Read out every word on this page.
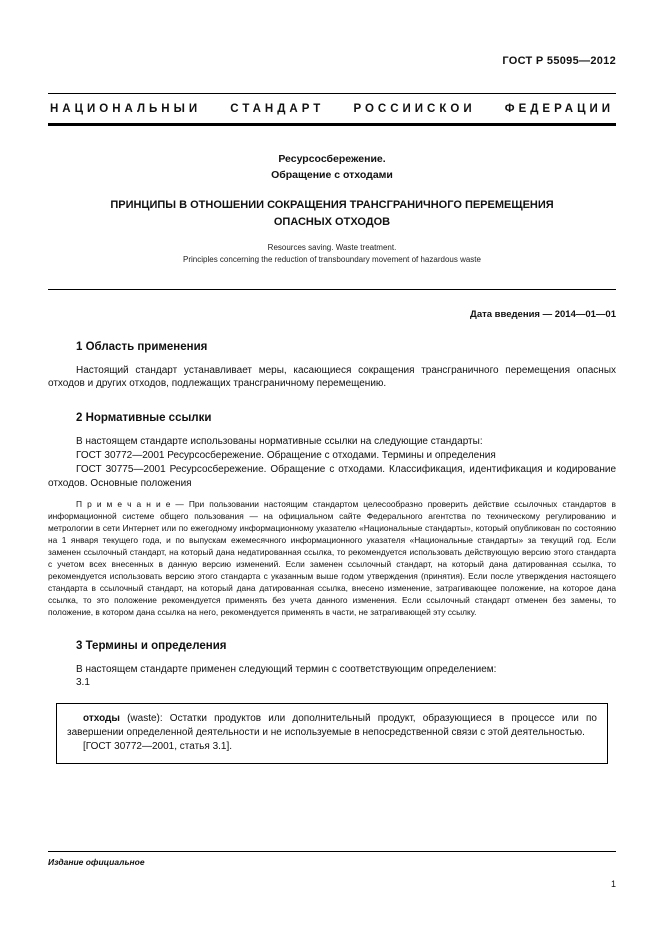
ГОСТ Р 55095—2012
НАЦИОНАЛЬНЫЙ СТАНДАРТ РОССИЙСКОЙ ФЕДЕРАЦИИ
Ресурсосбережение.
Обращение с отходами
ПРИНЦИПЫ В ОТНОШЕНИИ СОКРАЩЕНИЯ ТРАНСГРАНИЧНОГО ПЕРЕМЕЩЕНИЯ
ОПАСНЫХ ОТХОДОВ
Resources saving. Waste treatment.
Principles concerning the reduction of transboundary movement of hazardous waste
Дата введения — 2014—01—01
1 Область применения

Настоящий стандарт устанавливает меры, касающиеся сокращения трансграничного перемещения опасных отходов и других отходов, подлежащих трансграничному перемещению.

2 Нормативные ссылки

В настоящем стандарте использованы нормативные ссылки на следующие стандарты:

ГОСТ 30772—2001 Ресурсосбережение. Обращение с отходами. Термины и определения

ГОСТ 30775—2001 Ресурсосбережение. Обращение с отходами. Классификация, идентификация и кодирование отходов. Основные положения

П р и м е ч а н и е — При пользовании настоящим стандартом целесообразно проверить действие ссылочных стандартов в информационной системе общего пользования — на официальном сайте Федерального агентства по техническому регулированию и метрологии в сети Интернет или по ежегодному информационному указателю «Национальные стандарты», который опубликован по состоянию на 1 января текущего года, и по выпускам ежемесячного информационного указателя «Национальные стандарты» за текущий год. Если заменен ссылочный стандарт, на который дана недатированная ссылка, то рекомендуется использовать действующую версию этого стандарта с учетом всех внесенных в данную версию изменений. Если заменен ссылочный стандарт, на который дана датированная ссылка, то рекомендуется использовать версию этого стандарта с указанным выше годом утверждения (принятия). Если после утверждения настоящего стандарта в ссылочный стандарт, на который дана датированная ссылка, внесено изменение, затрагивающее положение, на которое дана ссылка, то это положение рекомендуется применять без учета данного изменения. Если ссылочный стандарт отменен без замены, то положение, в котором дана ссылка на него, рекомендуется применять в части, не затрагивающей эту ссылку.

3 Термины и определения

В настоящем стандарте применен следующий термин с соответствующим определением:

3.1

отходы (waste): Остатки продуктов или дополнительный продукт, образующиеся в процессе или по завершении определенной деятельности и не используемые в непосредственной связи с этой деятельностью.

[ГОСТ 30772—2001, статья 3.1].

Издание официальное
1
